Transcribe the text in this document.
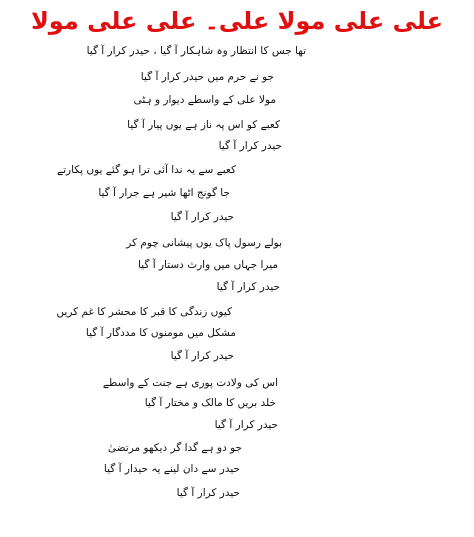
علی علی مولا علی۔ علی علی مولا
تھا جس کا انتظار وہ شاہکار آ گیا ، حیدر کرار آ گیا
جو نے حرم میں حیدر کرار آ گیا
مولا علی کے واسطے دیوار و ہٹی
کعبے کو اس پہ ناز ہے یوں پیار آ گیا
حیدر کرار آ گیا
کعبے سے یہ ندا آئی ترا ہو گئے یوں پکارتے
جا گونج اٹھا شیر ہے جرار آ گیا
حیدر کرار آ گیا
بولے رسول پاک یوں پیشانی چوم کر
میرا جہاں میں وارث دستار آ گیا
حیدر کرار آ گیا
کیوں زندگی کا قبر کا محشر کا غم کریں
مشکل میں مومنوں کا مددگار آ گیا
حیدر کرار آ گیا
اس کی ولادت پوری ہے جنت کے واسطے
خلد بریں کا مالک و مختار آ گیا
حیدر کرار آ گیا
جو دو ہے گدا گر دیکھو مرتضیٰ
حیدر سے دان لینے یہ حیدار آ گیا
حیدر کرار آ گیا
